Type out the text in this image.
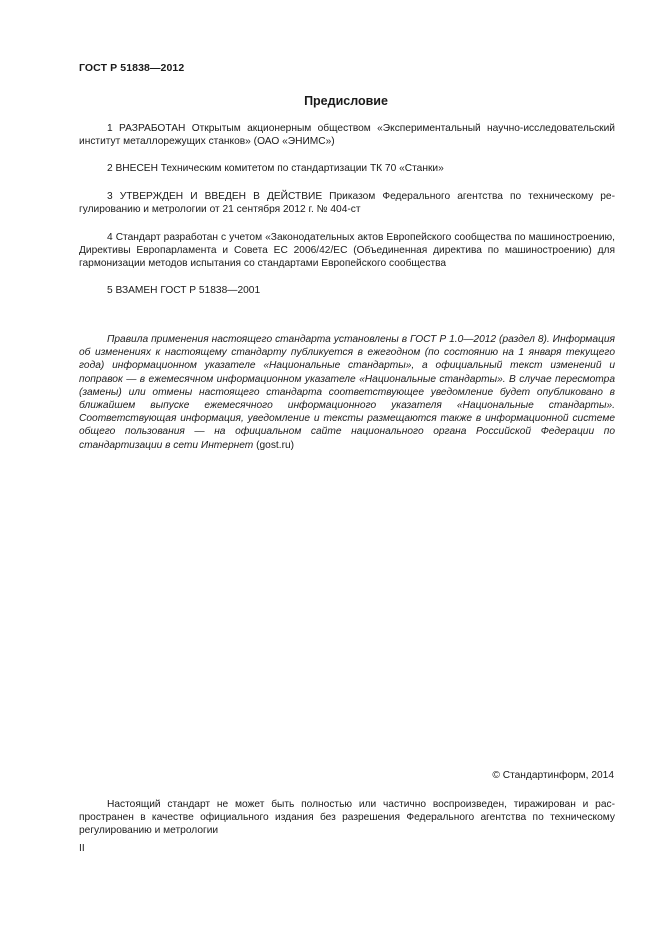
ГОСТ Р 51838—2012
Предисловие

1 РАЗРАБОТАН Открытым акционерным обществом «Экспериментальный научно-исследовательский институт металлорежущих станков» (ОАО «ЭНИМС»)

2 ВНЕСЕН Техническим комитетом по стандартизации ТК 70 «Станки»

3 УТВЕРЖДЕН И ВВЕДЕН В ДЕЙСТВИЕ Приказом Федерального агентства по техническому регулированию и метрологии от 21 сентября 2012 г. № 404-ст

4 Стандарт разработан с учетом «Законодательных актов Европейского сообщества по машиностроению, Директивы Европарламента и Совета ЕС 2006/42/ЕС (Объединенная директива по машиностроению) для гармонизации методов испытания со стандартами Европейского сообщества

5 ВЗАМЕН ГОСТ Р 51838—2001

Правила применения настоящего стандарта установлены в ГОСТ Р 1.0—2012 (раздел 8). Информация об изменениях к настоящему стандарту публикуется в ежегодном (по состоянию на 1 января текущего года) информационном указателе «Национальные стандарты», а официальный текст изменений и поправок — в ежемесячном информационном указателе «Национальные стандарты». В случае пересмотра (замены) или отмены настоящего стандарта соответствующее уведомление будет опубликовано в ближайшем выпуске ежемесячного информационного указателя «Национальные стандарты». Соответствующая информация, уведомление и тексты размещаются также в информационной системе общего пользования — на официальном сайте национального органа Российской Федерации по стандартизации в сети Интернет (gost.ru)

© Стандартинформ, 2014

Настоящий стандарт не может быть полностью или частично воспроизведен, тиражирован и распространен в качестве официального издания без разрешения Федерального агентства по техническому регулированию и метрологии

II
